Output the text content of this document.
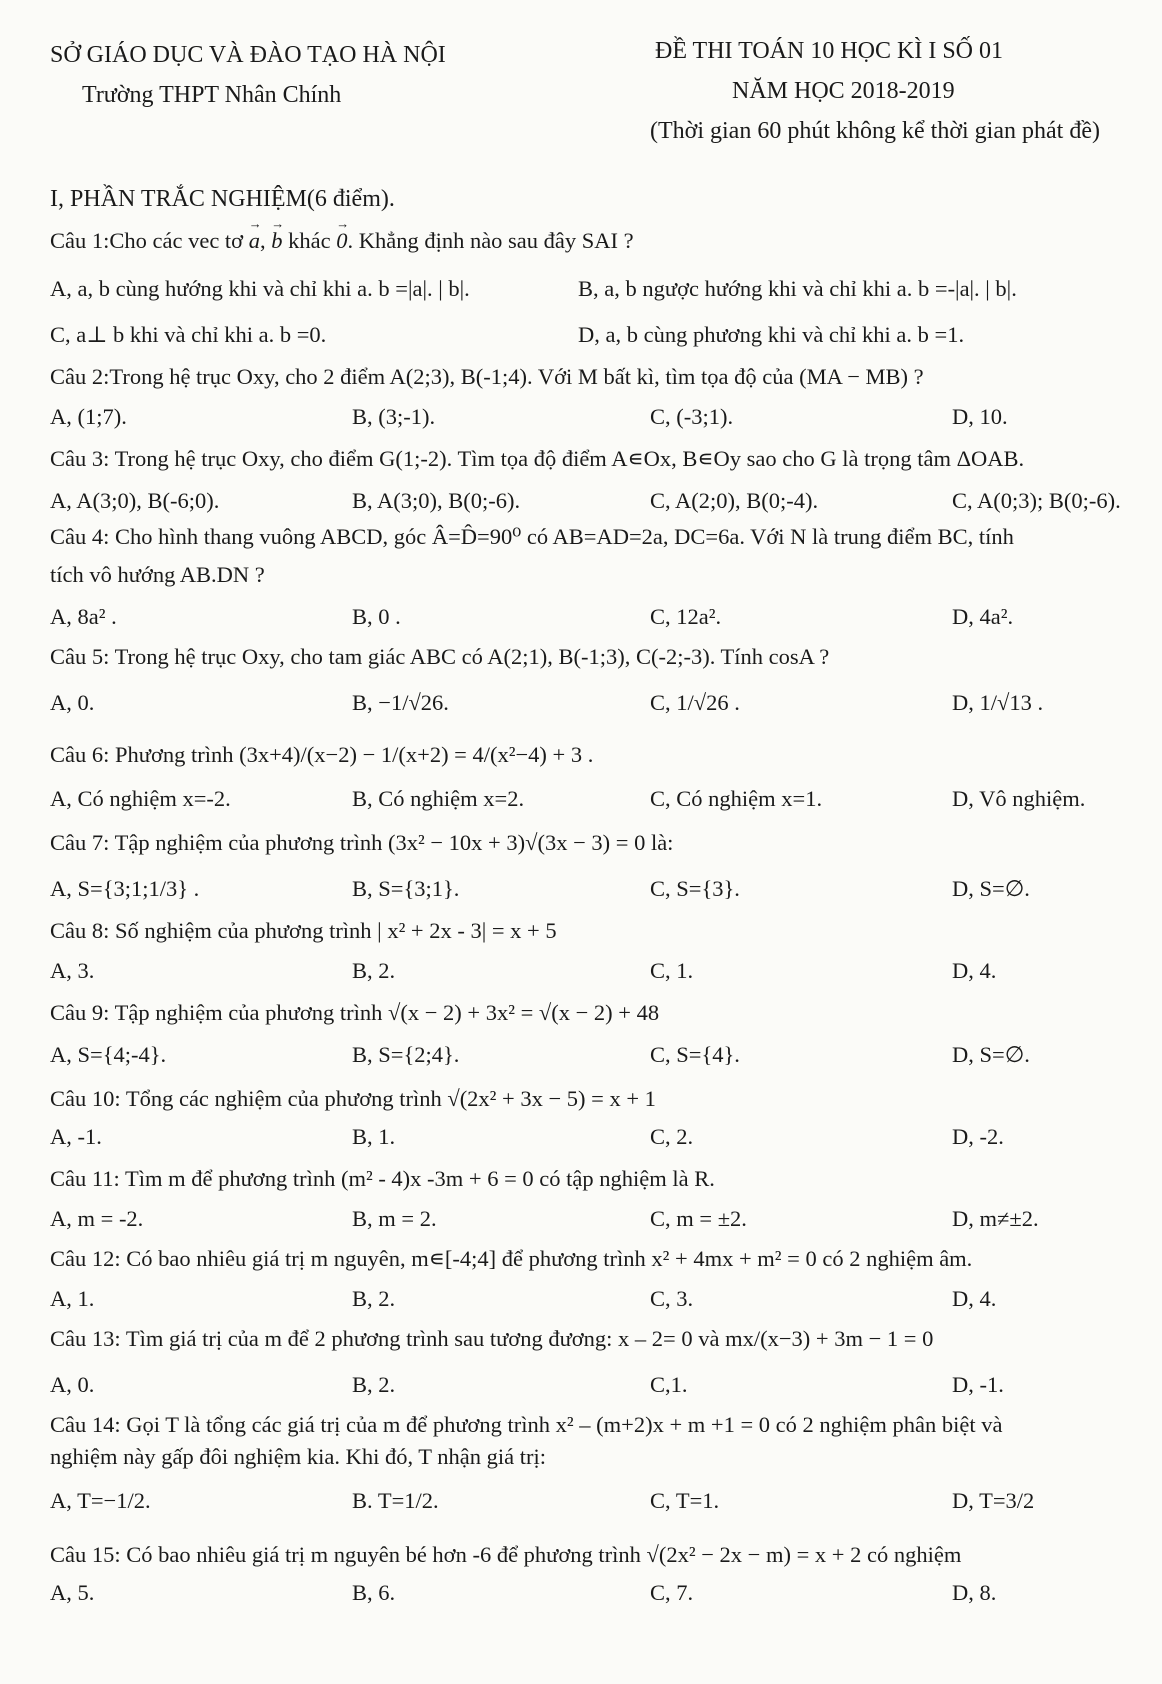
SỞ GIÁO DỤC VÀ ĐÀO TẠO HÀ NỘI
Trường THPT Nhân Chính
ĐỀ THI TOÁN 10 HỌC KÌ I SỐ 01
NĂM HỌC 2018-2019
(Thời gian 60 phút không kể thời gian phát đề)
I, PHẦN TRẮC NGHIỆM(6 điểm).
Câu 1:Cho các vec tơ a →, b → khác 0 →. Khẳng định nào sau đây SAI ?
A, a, b cùng hướng khi và chỉ khi a. b =|a|. | b|.	B, a, b ngược hướng khi và chỉ khi a. b =-|a|. | b|.
C, a⊥ b khi và chỉ khi a. b =0.	D, a, b cùng phương khi và chỉ khi a. b =1.
Câu 2:Trong hệ trục Oxy, cho 2 điểm A(2;3), B(-1;4). Với M bất kì, tìm tọa độ của (MA − MB) ?
A, (1;7).	B, (3;-1).	C, (-3;1).	D, 10.
Câu 3: Trong hệ trục Oxy, cho điểm G(1;-2). Tìm tọa độ điểm A∊Ox, B∊Oy sao cho G là trọng tâm ΔOAB.
A, A(3;0), B(-6;0).	B, A(3;0), B(0;-6).	C, A(2;0), B(0;-4).	C, A(0;3); B(0;-6).
Câu 4: Cho hình thang vuông ABCD, góc Â=D̂=90⁰ có AB=AD=2a, DC=6a. Với N là trung điểm BC, tính
tích vô hướng AB.DN ?
A, 8a² .	B, 0 .	C, 12a².	D, 4a².
Câu 5: Trong hệ trục Oxy, cho tam giác ABC có A(2;1), B(-1;3), C(-2;-3). Tính cosA ?
A, 0.	B, −1/√26.	C, 1/√26 .	D, 1/√13 .
Câu 6: Phương trình (3x+4)/(x−2) − 1/(x+2) = 4/(x²−4) + 3 .
A, Có nghiệm x=-2.	B, Có nghiệm x=2.	C, Có nghiệm x=1.	D, Vô nghiệm.
Câu 7: Tập nghiệm của phương trình (3x² − 10x + 3)√(3x − 3) = 0 là:
A, S={3;1;1/3} .	B, S={3;1}.	C, S={3}.	D, S=∅.
Câu 8: Số nghiệm của phương trình | x² + 2x - 3| = x + 5
A, 3.	B, 2.	C, 1.	D, 4.
Câu 9: Tập nghiệm của phương trình √(x − 2) + 3x² = √(x − 2) + 48
A, S={4;-4}.	B, S={2;4}.	C, S={4}.	D, S=∅.
Câu 10: Tổng các nghiệm của phương trình √(2x² + 3x − 5) = x + 1
A, -1.	B, 1.	C, 2.	D, -2.
Câu 11: Tìm m để phương trình (m² - 4)x -3m + 6 = 0 có tập nghiệm là R.
A, m = -2.	B, m = 2.	C, m = ±2.	D, m≠±2.
Câu 12: Có bao nhiêu giá trị m nguyên, m∊[-4;4] để phương trình x² + 4mx + m² = 0 có 2 nghiệm âm.
A, 1.	B, 2.	C, 3.	D, 4.
Câu 13: Tìm giá trị của m để 2 phương trình sau tương đương: x – 2= 0 và mx/(x−3) + 3m − 1 = 0
A, 0.	B, 2.	C,1.	D, -1.
Câu 14: Gọi T là tổng các giá trị của m để phương trình x² – (m+2)x + m +1 = 0 có 2 nghiệm phân biệt và
nghiệm này gấp đôi nghiệm kia. Khi đó, T nhận giá trị:
A, T=−1/2.	B. T=1/2.	C, T=1.	D, T=3/2
Câu 15: Có bao nhiêu giá trị m nguyên bé hơn -6 để phương trình √(2x² − 2x − m) = x + 2 có nghiệm
A, 5.	B, 6.	C, 7.	D, 8.
